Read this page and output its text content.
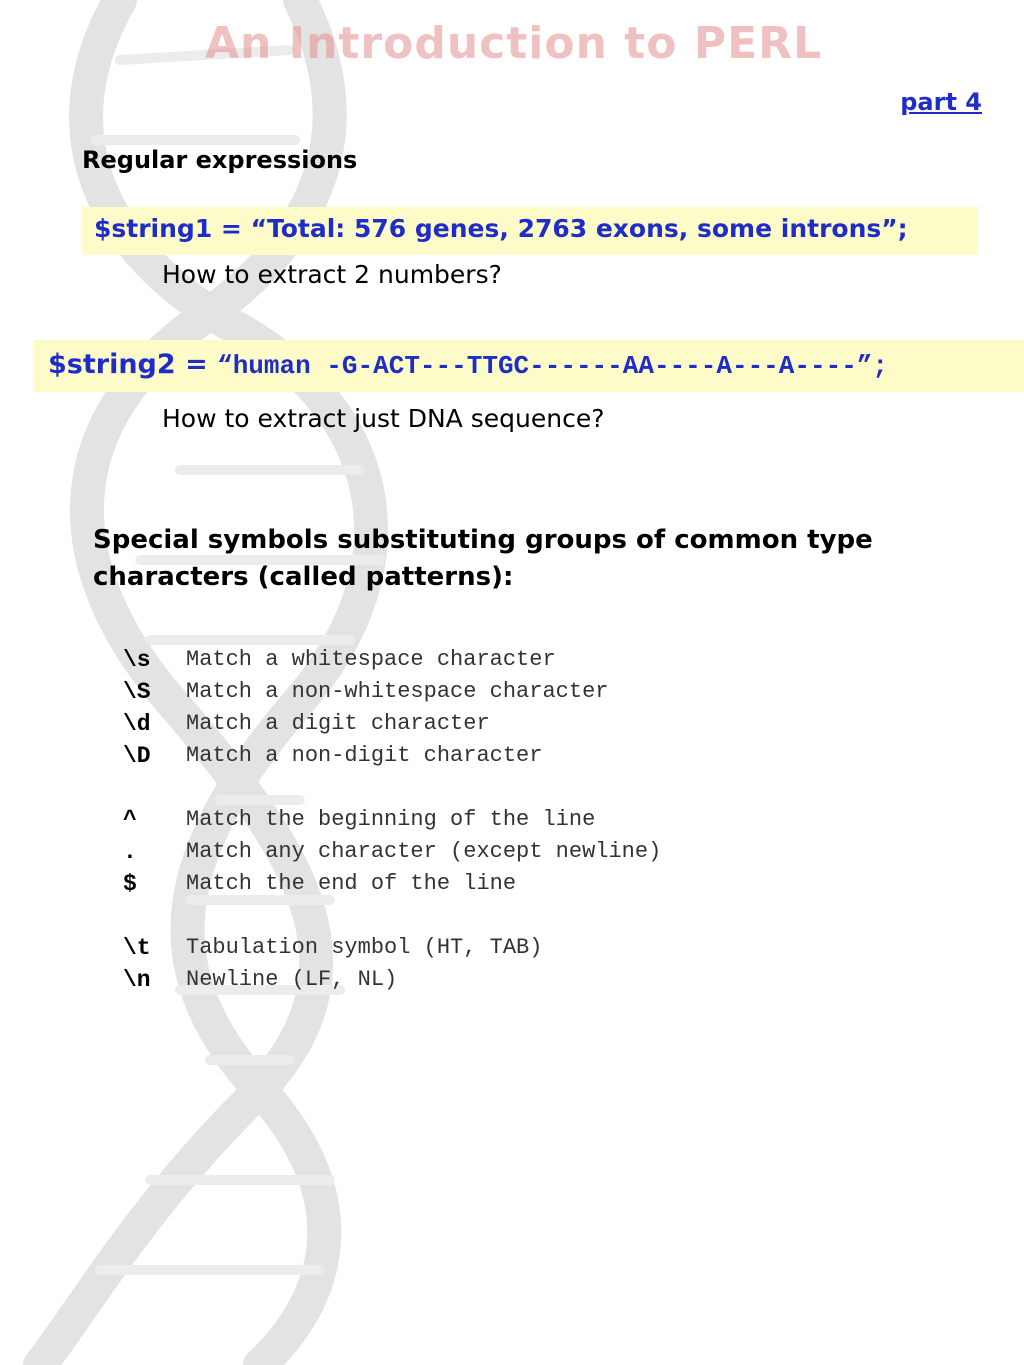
An Introduction to PERL
part 4
Regular expressions
$string1 = “Total: 576 genes, 2763 exons, some introns”;
How to extract 2 numbers?
$string2 = “human -G-ACT---TTGC------AA----A---A----”;
How to extract just DNA sequence?
Special symbols substituting groups of common type characters (called patterns):
\s	Match a whitespace character
\S	Match a non-whitespace character
\d	Match a digit character
\D	Match a non-digit character

^	Match the beginning of the line
.	Match any character (except newline)
$	Match the end of the line

\t	Tabulation symbol (HT, TAB)
\n	Newline (LF, NL)
